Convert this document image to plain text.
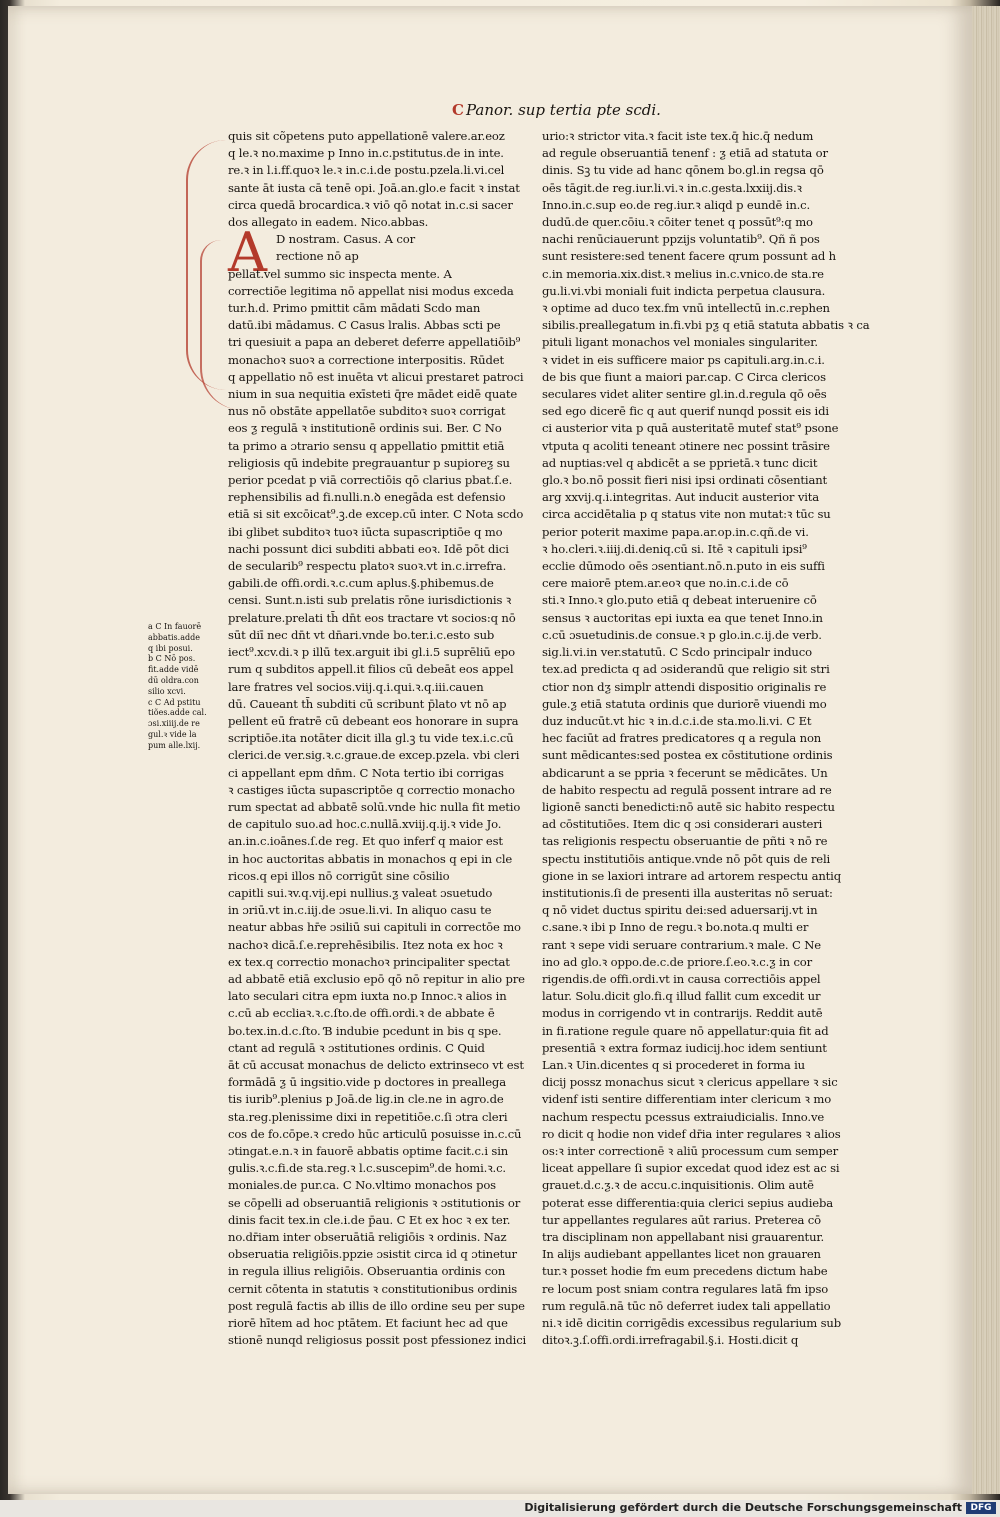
C Panor. sup tertia pte scdi.
A
a C In fauorē
abbatis.adde
q ibi posui.
b C Nō pos.
fit.adde vidē
dū oldra.con
silio xcvi.
c C Ad pstitu
tiões.adde cal.
ɔsi.xiiij.de re
gul.ꝛ vide la
pum alle.lxij.
quis sit cõpetens puto appellationē valere.ar.eoz
q le.ꝛ no.maxime p Inno in.c.pstitutus.de in inte.
re.ꝛ in l.i.ff.quoꝛ le.ꝛ in.c.i.de postu.pzela.li.vi.cel
sante āt iusta cā tenē opi. Joā.an.glo.e facit ꝛ instat
circa quedā brocardica.ꝛ viō qō notat in.c.si sacer
dos allegato in eadem. Nico.abbas.
D nostram. Casus. A cor
rectione nō ap
pellat.vel summo sic inspecta mente. A
correctiōe legitima nō appellat nisi modus exceda
tur.h.d. Primo pmittit cām mādati Scdo man
datū.ibi mādamus. C Casus lralis. Abbas scti pe
tri quesiuit a papa an deberet deferre appellatiōib⁹
monachoꝛ suoꝛ a correctione interpositis. Rūdet
q appellatio nō est inuēta vt alicui prestaret patroci
nium in sua nequitia exīsteti q̄re mādet eidē quate
nus nō obstāte appellatōe subditoꝛ suoꝛ corrigat
eos ƺ regulā ꝛ institutionē ordinis sui. Ber. C No
ta primo a ɔtrario sensu q appellatio pmittit etiā
religiosis qū indebite pregrauantur p supioreƺ su
perior pcedat p viā correctiōis qō clarius pbat.ſ.e.
rephensibilis ad fi.nulli.n.ꝺ enegāda est defensio
etiā si sit excōicat⁹.ꝫ.de excep.cū inter. C Nota scdo
ibi glibet subditoꝛ tuoꝛ iūcta supascriptiōe q mo
nachi possunt dici subditi abbati eoꝛ. Idē pōt dici
de secularib⁹ respectu platoꝛ suoꝛ.vt in.c.irrefra.
gabili.de offi.ordi.ꝛ.c.cum aplus.§.phibemus.de
censi. Sunt.n.isti sub prelatis rōne iurisdictionis ꝛ
prelature.prelati th̄ dn̄t eos tractare vt socios:q nō
sūt diī nec dn̄t vt dn̄ari.vnde bo.ter.i.c.esto sub
iect⁹.xcv.di.ꝛ p illū tex.arguit ibi gl.i.5 suprēliū epo
rum q subditos appell.it filios cū debeāt eos appel
lare fratres vel socios.viij.q.i.qui.ꝛ.q.iii.cauen
dū. Caueant th̄ subditi cū scribunt p̄lato vt nō ap
pellent eū fratrē cū debeant eos honorare in supra
scriptiōe.ita notāter dicit illa gl.ꝫ tu vide tex.i.c.cū
clerici.de ver.sig.ꝛ.c.graue.de excep.pzela. vbi cleri
ci appellant epm dn̄m. C Nota tertio ibi corrigas
ꝛ castiges iūcta supascriptōe q correctio monacho
rum spectat ad abbatē solū.vnde hic nulla fit metio
de capitulo suo.ad hoc.c.nullā.xviij.q.ij.ꝛ vide Jo.
an.in.c.ioānes.ſ.de reg. Et quo inferf q maior est
in hoc auctoritas abbatis in monachos q epi in cle
ricos.q epi illos nō corrigūt sine cōsilio
capitli sui.ꝛv.q.vij.epi nullius.ƺ valeat ɔsuetudo
in ɔriū.vt in.c.iij.de ɔsue.li.vi. In aliquo casu te
neatur abbas hr̄e ɔsiliū sui capituli in correctōe mo
nachoꝛ dicā.ſ.e.reprehēsibilis. Itez nota ex hoc ꝛ
ex tex.q correctio monachoꝛ principaliter spectat
ad abbatē etiā exclusio epō qō nō repitur in alio pre
lato seculari citra epm iuxta no.p Innoc.ꝛ alios in
c.cū ab eccliaꝛ.ꝛ.c.ſto.de offi.ordi.ꝛ de abbate ē
bo.tex.in.d.c.ſto. Ɓ indubie pcedunt in bis q spe.
ctant ad regulā ꝛ ɔstitutiones ordinis. C Quid
āt cū accusat monachus de delicto extrinseco vt est
formādā ƺ ū ingsitio.vide p doctores in preallega
tis iurib⁹.plenius p Joā.de lig.in cle.ne in agro.de
sta.reg.plenissime dixi in repetitiōe.c.ſi ɔtra cleri
cos de fo.cōpe.ꝛ credo hūc articulū posuisse in.c.cū
ɔtingat.e.n.ꝛ in fauorē abbatis optime facit.c.i sin
gulis.ꝛ.c.fi.de sta.reg.ꝛ l.c.suscepim⁹.de homi.ꝛ.c.
moniales.de pur.ca. C No.vltimo monachos pos
se cōpelli ad obseruantiā religionis ꝛ ɔstitutionis or
dinis facit tex.in cle.i.de p̄au. C Et ex hoc ꝛ ex ter.
no.dr̄iam inter obseruātiā religiōis ꝛ ordinis. Naz
obseruatia religiōis.ppzie ɔsistit circa id q ɔtinetur
in regula illius religiōis. Obseruantia ordinis con
cernit cōtenta in statutis ꝛ constitutionibus ordinis
post regulā factis ab illis de illo ordine seu per supe
riorē hītem ad hoc ptātem. Et faciunt hec ad que
stionē nunqd religiosus possit post pfessionez indici
urio:ꝛ strictor vita.ꝛ facit iste tex.q̄ hic.q̄ nedum
ad regule obseruantiā tenenf : ƺ etiā ad statuta or
dinis. Sꝫ tu vide ad hanc qōnem bo.gl.in regsa qō
oēs tāgit.de reg.iur.li.vi.ꝛ in.c.gesta.lxxiij.dis.ꝛ
Inno.in.c.sup eo.de reg.iur.ꝛ aliqd p eundē in.c.
dudū.de ɋuer.cōiu.ꝛ cōiter tenet q possūt⁹:q mo
nachi renūciauerunt ppzijs voluntatib⁹. Qñ ñ pos
sunt resistere:sed tenent facere ɋrum possunt ad h
c.in memoria.xix.dist.ꝛ melius in.c.vnico.de sta.re
gu.li.vi.vbi moniali fuit indicta perpetua clausura.
ꝛ optime ad duco tex.fm vnū intellectū in.c.rephen
sibilis.preallegatum in.fi.vbi pƺ q etiā statuta abbatis ꝛ ca
pituli ligant monachos vel moniales singulariter.
ꝛ videt in eis sufficere maior ps capituli.arg.in.c.i.
de bis que fiunt a maiori par.cap. C Circa clericos
seculares videt aliter sentire gl.in.d.regula qō oēs
sed ego dicerē fic q aut querif nunqd possit eis idi
ci austerior vita p quā austeritatē mutef stat⁹ psone
vtputa q acoliti teneant ɔtinere nec possint trāsire
ad nuptias:vel q abdicēt a se pprietā.ꝛ tunc dicit
glo.ꝛ bo.nō possit fieri nisi ipsi ordinati cōsentiant
arg xxvij.q.i.integritas. Aut inducit austerior vita
circa accidētalia p q status vite non mutat:ꝛ tūc su
perior poterit maxime papa.ar.op.in.c.qñ.de vi.
ꝛ ho.cleri.ꝛ.iiij.di.deniq.cū si. Itē ꝛ capituli ipsi⁹
ecclie dūmodo oēs ɔsentiant.nō.n.puto in eis suffi
cere maiorē ptem.ar.eoꝛ que no.in.c.i.de cō
sti.ꝛ Inno.ꝛ glo.puto etiā q debeat interuenire cō
sensus ꝛ auctoritas epi iuxta ea que tenet Inno.in
c.cū ɔsuetudinis.de consue.ꝛ p glo.in.c.ij.de verb.
sig.li.vi.in ver.statutū. C Scdo principalr induco
tex.ad predicta q ad ɔsiderandū que religio sit stri
ctior non dƺ simplr attendi dispositio originalis re
gule.ƺ etiā statuta ordinis que duriorē viuendi mo
duz inducūt.vt hic ꝛ in.d.c.i.de sta.mo.li.vi. C Et
hec faciūt ad fratres predicatores q a regula non
sunt mēdicantes:sed postea ex cōstitutione ordinis
abdicarunt a se ppria ꝛ fecerunt se mēdicātes. Un
de habito respectu ad regulā possent intrare ad re
ligionē sancti benedicti:nō autē sic habito respectu
ad cōstitutiōes. Item dic q ɔsi considerari austeri
tas religionis respectu obseruantie de pñti ꝛ nō re
spectu institutiōis antique.vnde nō pōt quis de reli
gione in se laxiori intrare ad artorem respectu antiq
institutionis.ſi de presenti illa austeritas nō seruat:
q nō videt ductus spiritu dei:sed aduersarij.vt in
c.sane.ꝛ ibi p Inno de regu.ꝛ bo.nota.q multi er
rant ꝛ sepe vidi seruare contrarium.ꝛ male. C Ne
ino ad glo.ꝛ oppo.de.c.de priore.ſ.eo.ꝛ.c.ƺ in cor
rigendis.de offi.ordi.vt in causa correctiōis appel
latur. Solu.dicit glo.fi.q illud fallit cum excedit ur
modus in corrigendo vt in contrarijs. Reddit autē
in fi.ratione regule quare nō appellatur:quia fit ad
presentiā ꝛ extra formaz iudicij.hoc idem sentiunt
Lan.ꝛ Uin.dicentes q si procederet in forma iu
dicij possz monachus sicut ꝛ clericus appellare ꝛ sic
videnf isti sentire differentiam inter clericum ꝛ mo
nachum respectu pcessus extraiudicialis. Inno.ve
ro dicit q hodie non videf dr̄ia inter regulares ꝛ alios
os:ꝛ inter correctionē ꝛ aliū processum cum semper
liceat appellare ſi supior excedat quod idez est ac si
grauet.d.c.ƺ.ꝛ de accu.c.inquisitionis. Olim autē
poterat esse differentia:quia clerici sepius audieba
tur appellantes regulares aūt rarius. Preterea cō
tra disciplinam non appellabant nisi grauarentur.
In alijs audiebant appellantes licet non grauaren
tur.ꝛ posset hodie fm eum precedens dictum habe
re locum post sniam contra regulares latā fm ipso
rum regulā.nā tūc nō deferret iudex tali appellatio
ni.ꝛ idē dicitin corrigēdis excessibus regularium sub
ditoꝛ.ꝫ.ſ.offi.ordi.irrefragabil.§.i. Hosti.dicit q
Digitalisierung gefördert durch die Deutsche Forschungsgemeinschaft DFG
